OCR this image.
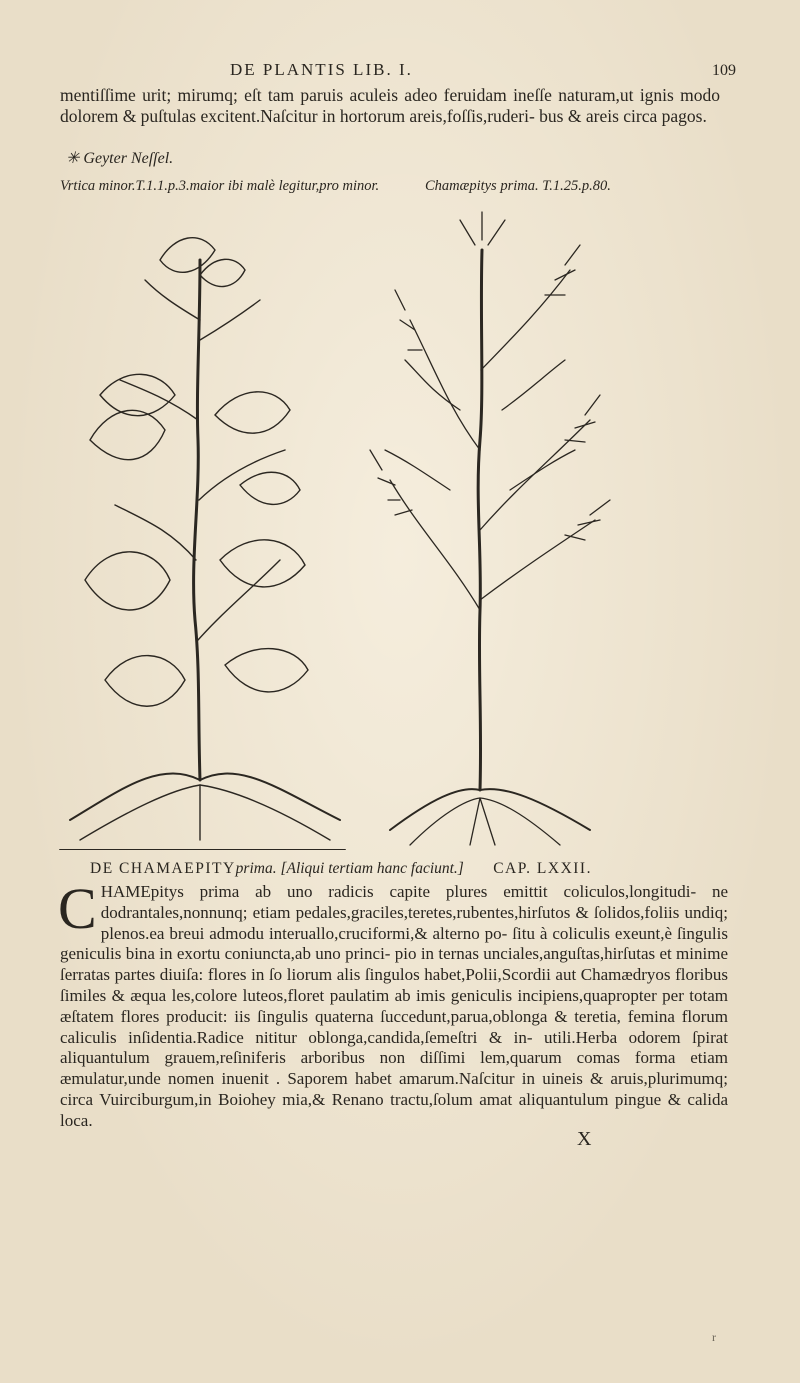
DE PLANTIS LIB. I.	109

mentiſſime urit; mirumq; eſt tam paruis aculeis adeo feruidam ineſſe naturam,ut ignis modo dolorem & puſtulas excitent.Naſcitur in hortorum areis,foſſis,ruderi‑ bus & areis circa pagos.

✳ Geyter Neſſel.
Vrtica minor.T.1.1.p.3.maior ibi malè legitur,pro minor.	Chamæpitys prima. T.1.25.p.80.
DE CHAMAEPITYprima. [Aliqui tertiam hanc faciunt.] CAP. LXXII.
C HAMEpitys prima ab uno radicis capite plures emittit coliculos,longitudi‑ ne dodrantales,nonnunq; etiam pedales,graciles,teretes,rubentes,hirſutos & ſolidos,foliis undiq; plenos.ea breui admodu interuallo,cruciformi,& alterno po‑ ſitu à coliculis exeunt,è ſingulis geniculis bina in exortu coniuncta,ab uno princi‑ pio in ternas unciales,anguſtas,hirſutas et minime ſerratas partes diuiſa: flores in ſo liorum alis ſingulos habet,Polii,Scordii aut Chamædryos floribus ſimiles & æqua les,colore luteos,floret paulatim ab imis geniculis incipiens,quapropter per totam æſtatem flores producit: iis ſingulis quaterna ſuccedunt,parua,oblonga & teretia, femina florum caliculis inſidentia.Radice nititur oblonga,candida,ſemeſtri & in‑ utili.Herba odorem ſpirat aliquantulum grauem,reſiniferis arboribus non diſſimi lem,quarum comas forma etiam æmulatur,unde nomen inuenit . Saporem habet amarum.Naſcitur in uineis & aruis,plurimumq; circa Vuirciburgum,in Boiohey mia,& Renano tractu,ſolum amat aliquantulum pingue & calida loca.

X
r
